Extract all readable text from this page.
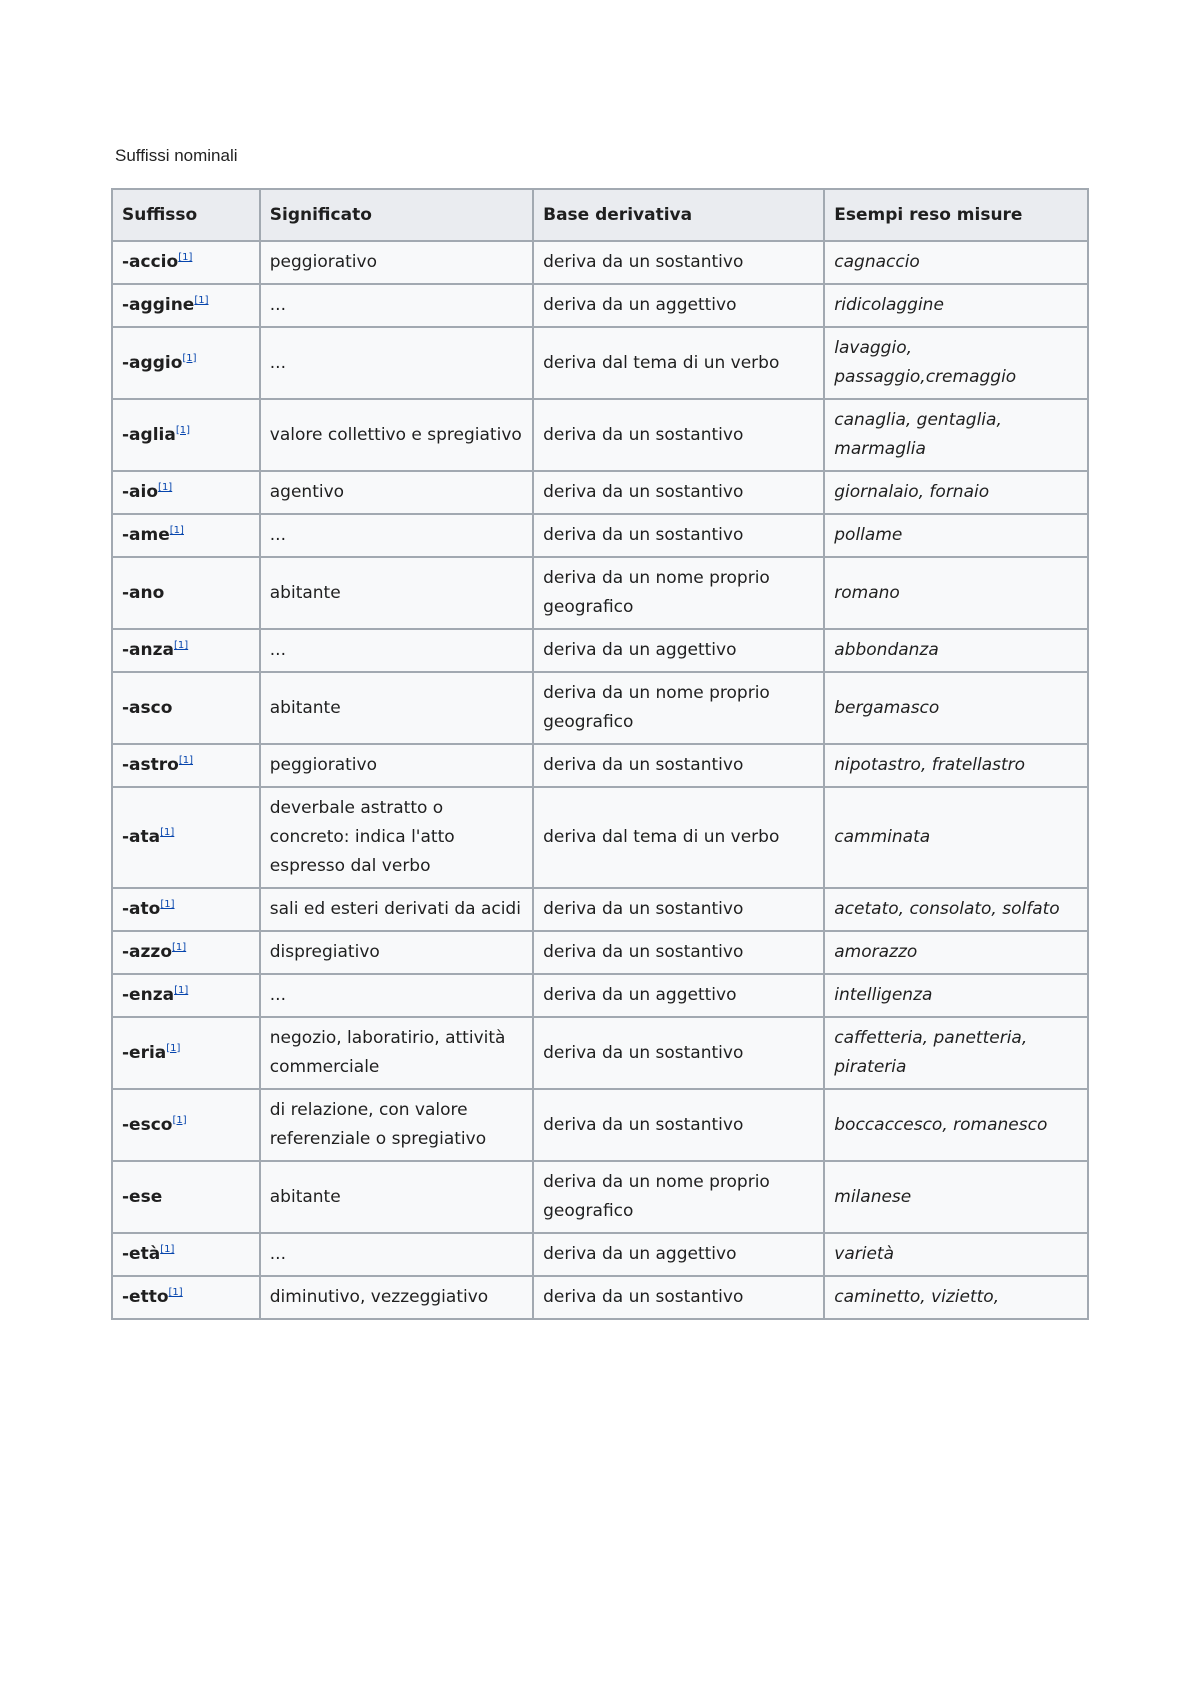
Suffissi nominali
Suffisso	Significato	Base derivativa	Esempi reso misure
-accio[1]	peggiorativo	deriva da un sostantivo	cagnaccio
-aggine[1]	...	deriva da un aggettivo	ridicolaggine
-aggio[1]	...	deriva dal tema di un verbo	lavaggio, passaggio,cremaggio
-aglia[1]	valore collettivo e spregiativo	deriva da un sostantivo	canaglia, gentaglia, marmaglia
-aio[1]	agentivo	deriva da un sostantivo	giornalaio, fornaio
-ame[1]	...	deriva da un sostantivo	pollame
-ano	abitante	deriva da un nome proprio geografico	romano
-anza[1]	...	deriva da un aggettivo	abbondanza
-asco	abitante	deriva da un nome proprio geografico	bergamasco
-astro[1]	peggiorativo	deriva da un sostantivo	nipotastro, fratellastro
-ata[1]	deverbale astratto o concreto: indica l'atto espresso dal verbo	deriva dal tema di un verbo	camminata
-ato[1]	sali ed esteri derivati da acidi	deriva da un sostantivo	acetato, consolato, solfato
-azzo[1]	dispregiativo	deriva da un sostantivo	amorazzo
-enza[1]	...	deriva da un aggettivo	intelligenza
-eria[1]	negozio, laboratirio, attività commerciale	deriva da un sostantivo	caffetteria, panetteria, pirateria
-esco[1]	di relazione, con valore referenziale o spregiativo	deriva da un sostantivo	boccaccesco, romanesco
-ese	abitante	deriva da un nome proprio geografico	milanese
-età[1]	...	deriva da un aggettivo	varietà
-etto[1]	diminutivo, vezzeggiativo	deriva da un sostantivo	caminetto, vizietto,
